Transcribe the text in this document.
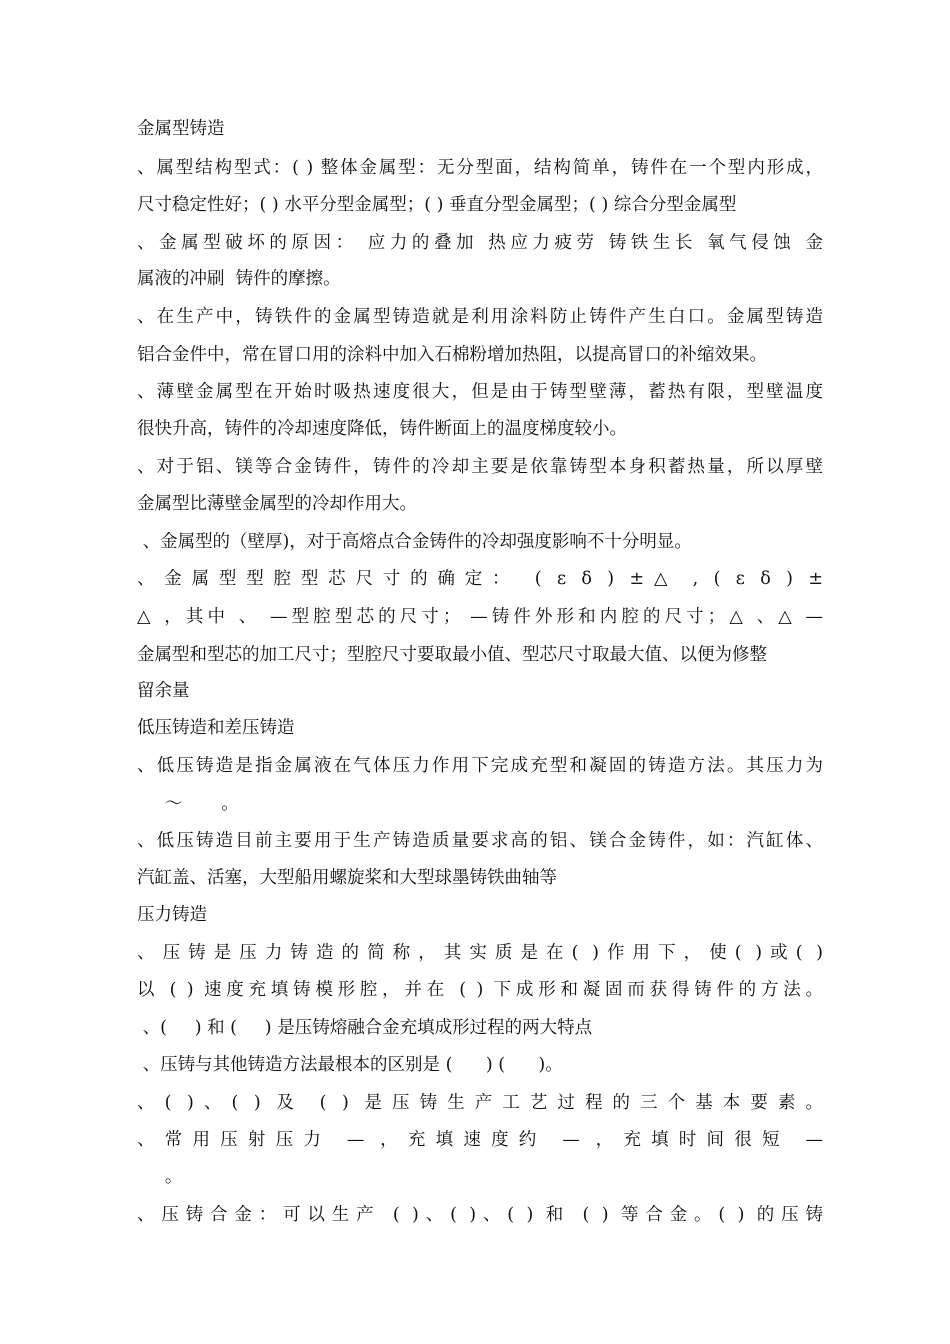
金属型铸造
、属型结构型式：( ) 整体金属型：无分型面，结构简单，铸件在一个型内形成，
尺寸稳定性好；( ) 水平分型金属型；( ) 垂直分型金属型；( ) 综合分型金属型
、金属型破坏的原因： 应力的叠加 热应力疲劳 铸铁生长 氧气侵蚀 金
属液的冲刷  铸件的摩擦。
、在生产中，铸铁件的金属型铸造就是利用涂料防止铸件产生白口。金属型铸造
铝合金件中，常在冒口用的涂料中加入石棉粉增加热阻，以提高冒口的补缩效果。
、薄壁金属型在开始时吸热速度很大，但是由于铸型壁薄，蓄热有限，型壁温度
很快升高，铸件的冷却速度降低，铸件断面上的温度梯度较小。
、对于铝、镁等合金铸件，铸件的冷却主要是依靠铸型本身积蓄热量，所以厚壁
金属型比薄壁金属型的冷却作用大。
、金属型的（壁厚)，对于高熔点合金铸件的冷却强度影响不十分明显。
、金属型型腔型芯尺寸的确定： ( ε δ ) ±△ , ( ε δ ) ±
△ ，其中 、 —型腔型芯的尺寸； —铸件外形和内腔的尺寸；△ 、△ —
金属型和型芯的加工尺寸；型腔尺寸要取最小值、型芯尺寸取最大值、以便为修整
留余量
低压铸造和差压铸造
、低压铸造是指金属液在气体压力作用下完成充型和凝固的铸造方法。其压力为
～       。
、低压铸造目前主要用于生产铸造质量要求高的铝、镁合金铸件，如：汽缸体、
汽缸盖、活塞，大型船用螺旋桨和大型球墨铸铁曲轴等
压力铸造
、压铸是压力铸造的简称，其实质是在( )作用下，使( )或( )
以 ( ) 速度充填铸模形腔，并在 ( ) 下成形和凝固而获得铸件的方法。
、(     ) 和 (     ) 是压铸熔融合金充填成形过程的两大特点
、压铸与其他铸造方法最根本的区别是 (      ) (      )。
、( )、( ) 及 ( ) 是压铸生产工艺过程的三个基本要素。
、常用压射压力 — ，充填速度约 — ，充填时间很短 —
。
、压铸合金：可以生产 ( )、( )、( ) 和 ( ) 等合金。( ) 的压铸
